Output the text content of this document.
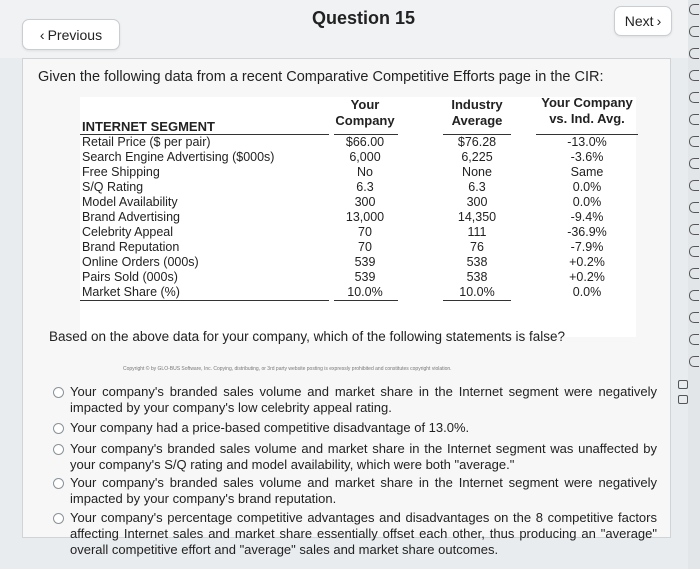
‹ Previous
Question 15	Next ›
Given the following data from a recent Comparative Competitive Efforts page in the CIR:
Your
Company
Industry
Average
Your Company
vs. Ind. Avg.
INTERNET SEGMENT
Retail Price ($ per pair)	$66.00	$76.28	-13.0%
Search Engine Advertising ($000s)	6,000	6,225	-3.6%
Free Shipping	No	None	Same
S/Q Rating	6.3	6.3	0.0%
Model Availability	300	300	0.0%
Brand Advertising	13,000	14,350	-9.4%
Celebrity Appeal	70	111	-36.9%
Brand Reputation	70	76	-7.9%
Online Orders (000s)	539	538	+0.2%
Pairs Sold (000s)	539	538	+0.2%
Market Share (%)	10.0%	10.0%	0.0%
Based on the above data for your company, which of the following statements is false?
Copyright © by GLO-BUS Software, Inc. Copying, distributing, or 3rd party website posting is expressly prohibited and constitutes copyright violation.
Your company's branded sales volume and market share in the Internet segment were negatively impacted by your company's low celebrity appeal rating.
Your company had a price-based competitive disadvantage of 13.0%.
Your company's branded sales volume and market share in the Internet segment was unaffected by your company's S/Q rating and model availability, which were both "average."
Your company's branded sales volume and market share in the Internet segment were negatively impacted by your company's brand reputation.
Your company's percentage competitive advantages and disadvantages on the 8 competitive factors affecting Internet sales and market share essentially offset each other, thus producing an "average" overall competitive effort and "average" sales and market share outcomes.
